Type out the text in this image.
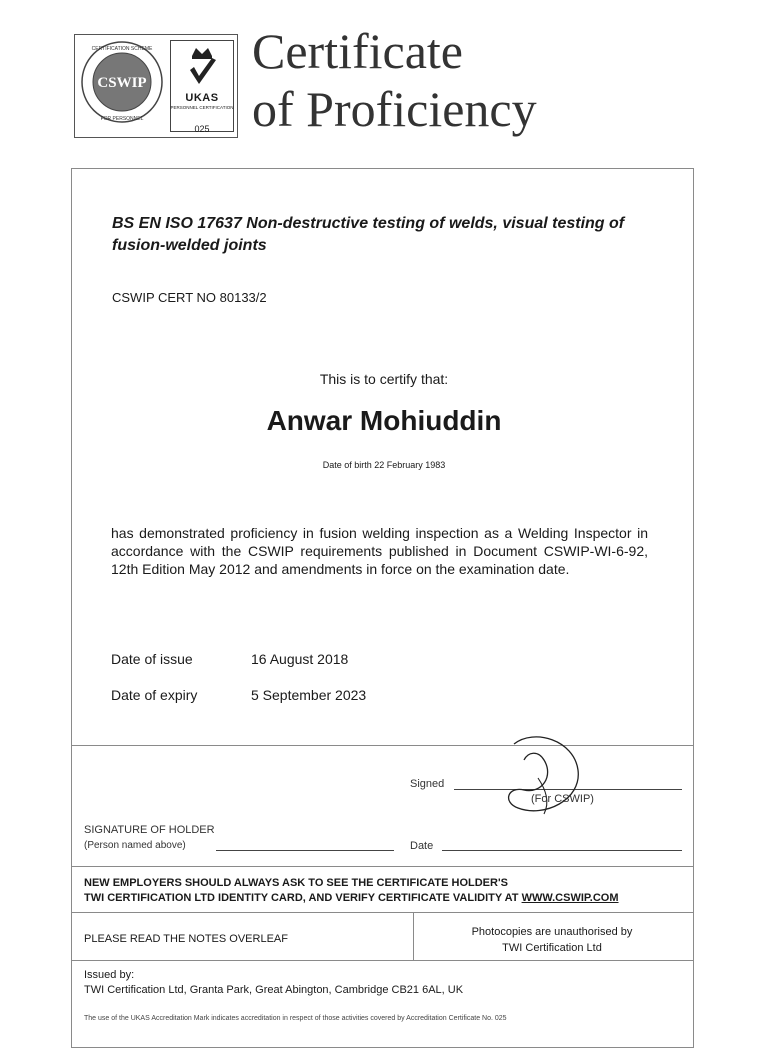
CSWIP
CERTIFICATION SCHEME
FOR PERSONNEL
UKAS
PERSONNEL CERTIFICATION
025
Certificate
of Proficiency
BS EN ISO 17637 Non-destructive testing of welds, visual testing of fusion-welded joints
CSWIP CERT NO 80133/2
This is to certify that:
Anwar Mohiuddin
Date of birth 22 February 1983
has demonstrated proficiency in fusion welding inspection as a Welding Inspector in accordance with the CSWIP requirements published in Document CSWIP-WI-6-92, 12th Edition May 2012 and amendments in force on the examination date.
Date of issue	16 August 2018
Date of expiry	5 September 2023
Signed
(For CSWIP)
SIGNATURE OF HOLDER
(Person named above)	Date
NEW EMPLOYERS SHOULD ALWAYS ASK TO SEE THE CERTIFICATE HOLDER'S
TWI CERTIFICATION LTD IDENTITY CARD, AND VERIFY CERTIFICATE VALIDITY AT WWW.CSWIP.COM
PLEASE READ THE NOTES OVERLEAF
Photocopies are unauthorised by
TWI Certification Ltd
Issued by:
TWI Certification Ltd, Granta Park, Great Abington, Cambridge CB21 6AL, UK
The use of the UKAS Accreditation Mark indicates accreditation in respect of those activities covered by Accreditation Certificate No. 025
